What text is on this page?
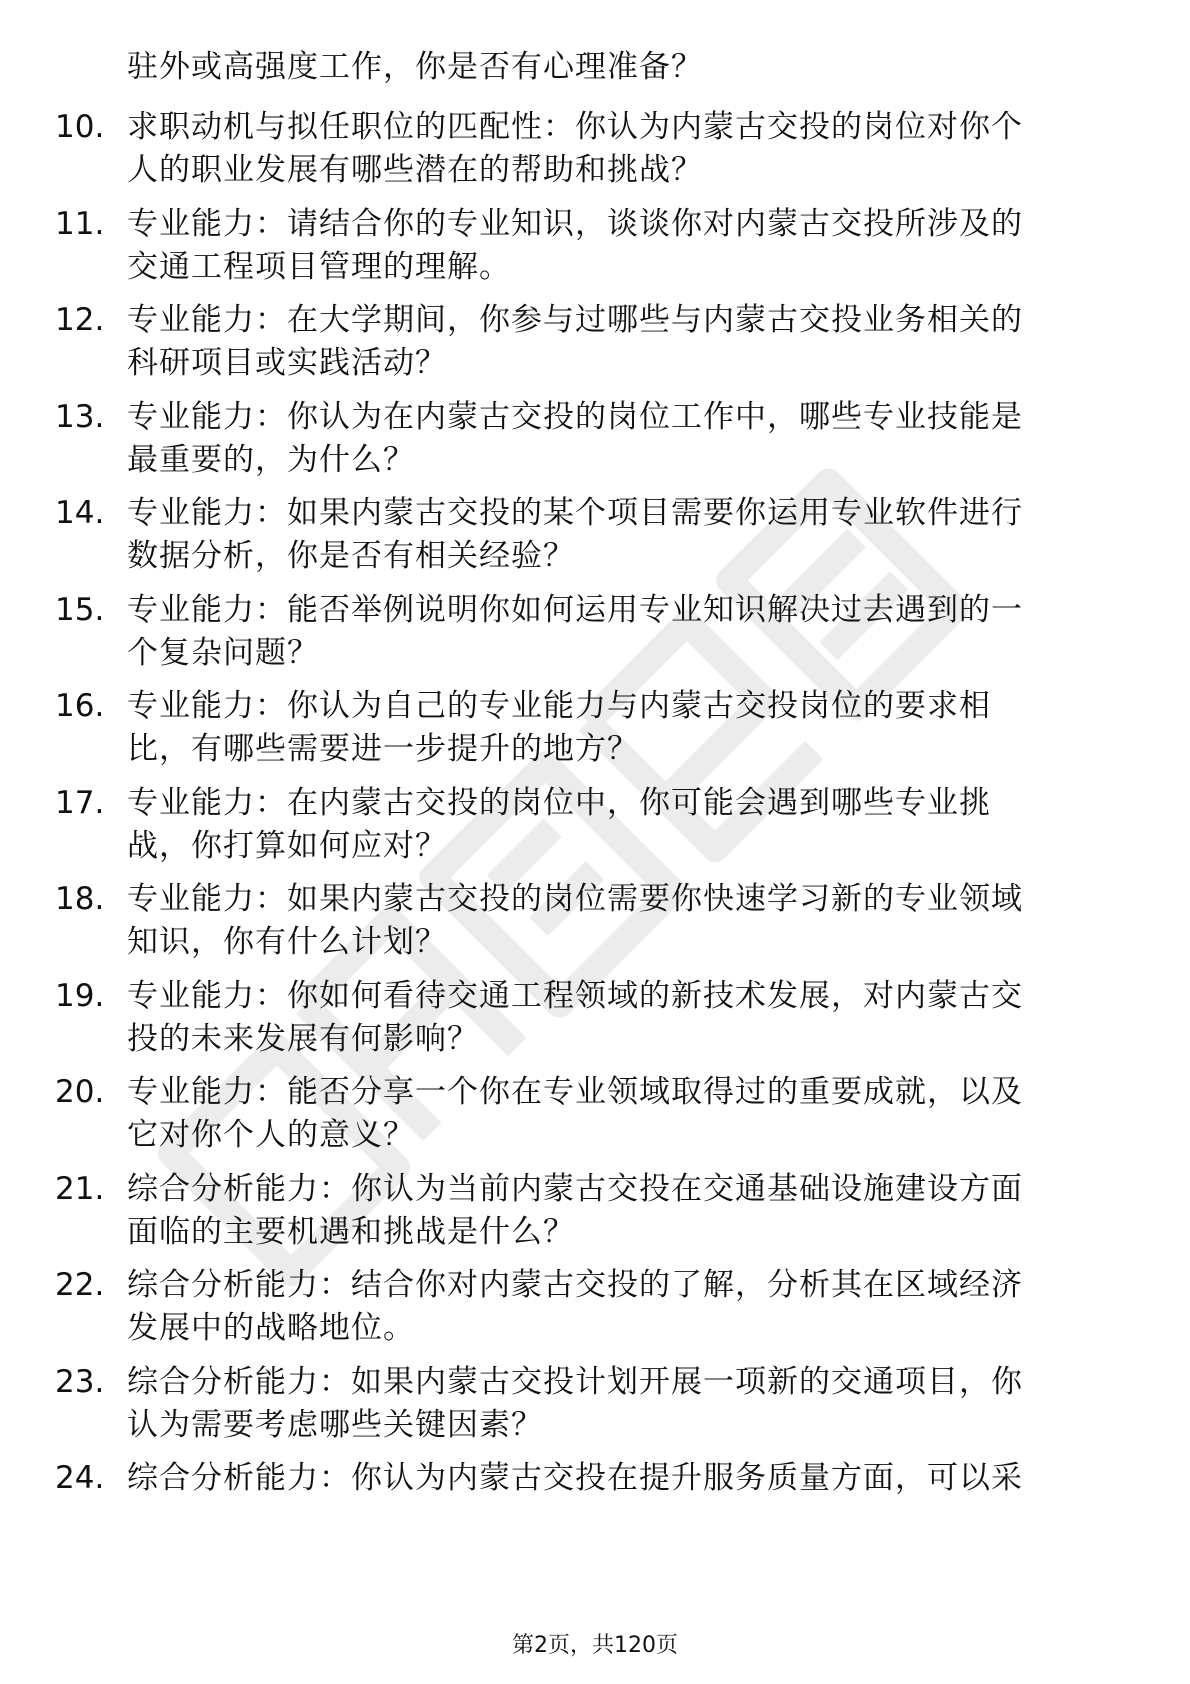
驻外或高强度工作，你是否有心理准备？
10. 求职动机与拟任职位的匹配性：你认为内蒙古交投的岗位对你个
人的职业发展有哪些潜在的帮助和挑战？
11. 专业能力：请结合你的专业知识，谈谈你对内蒙古交投所涉及的
交通工程项目管理的理解。
12. 专业能力：在大学期间，你参与过哪些与内蒙古交投业务相关的
科研项目或实践活动？
13. 专业能力：你认为在内蒙古交投的岗位工作中，哪些专业技能是
最重要的，为什么？
14. 专业能力：如果内蒙古交投的某个项目需要你运用专业软件进行
数据分析，你是否有相关经验？
15. 专业能力：能否举例说明你如何运用专业知识解决过去遇到的一
个复杂问题？
16. 专业能力：你认为自己的专业能力与内蒙古交投岗位的要求相
比，有哪些需要进一步提升的地方？
17. 专业能力：在内蒙古交投的岗位中，你可能会遇到哪些专业挑
战，你打算如何应对？
18. 专业能力：如果内蒙古交投的岗位需要你快速学习新的专业领域
知识，你有什么计划？
19. 专业能力：你如何看待交通工程领域的新技术发展，对内蒙古交
投的未来发展有何影响？
20. 专业能力：能否分享一个你在专业领域取得过的重要成就，以及
它对你个人的意义？
21. 综合分析能力：你认为当前内蒙古交投在交通基础设施建设方面
面临的主要机遇和挑战是什么？
22. 综合分析能力：结合你对内蒙古交投的了解，分析其在区域经济
发展中的战略地位。
23. 综合分析能力：如果内蒙古交投计划开展一项新的交通项目，你
认为需要考虑哪些关键因素？
24. 综合分析能力：你认为内蒙古交投在提升服务质量方面，可以采
第2页，共120页
